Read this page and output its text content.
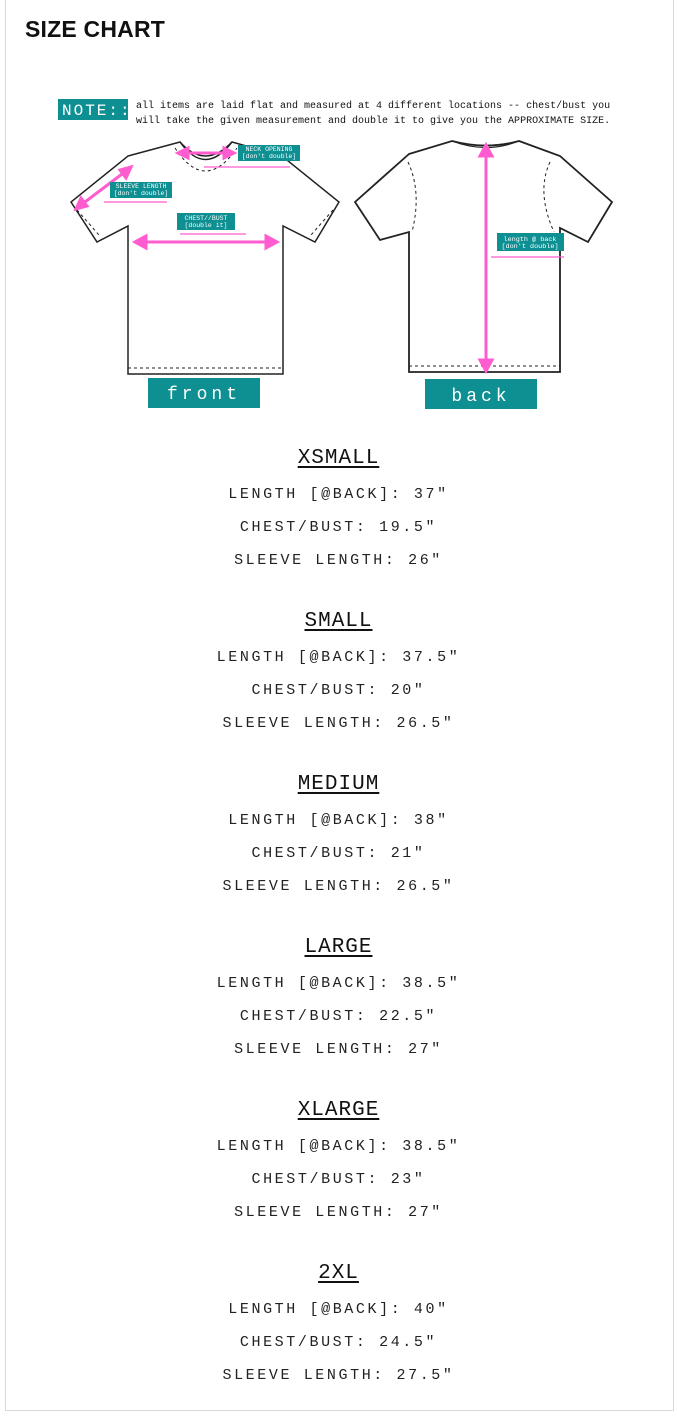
SIZE CHART
NOTE:: all items are laid flat and measured at 4 different locations -- chest/bust you
will take the given measurement and double it to give you the APPROXIMATE SIZE.
NECK OPENING
[don't double]
SLEEVE LENGTH
[don't double]
CHEST//BUST
[double it]
front
length @ back
[don't double]
back
XSMALL
LENGTH [@BACK]: 37"
CHEST/BUST: 19.5"
SLEEVE LENGTH: 26"
SMALL
LENGTH [@BACK]: 37.5"
CHEST/BUST: 20"
SLEEVE LENGTH: 26.5"
MEDIUM
LENGTH [@BACK]: 38"
CHEST/BUST: 21"
SLEEVE LENGTH: 26.5"
LARGE
LENGTH [@BACK]: 38.5"
CHEST/BUST: 22.5"
SLEEVE LENGTH: 27"
XLARGE
LENGTH [@BACK]: 38.5"
CHEST/BUST: 23"
SLEEVE LENGTH: 27"
2XL
LENGTH [@BACK]: 40"
CHEST/BUST: 24.5"
SLEEVE LENGTH: 27.5"
